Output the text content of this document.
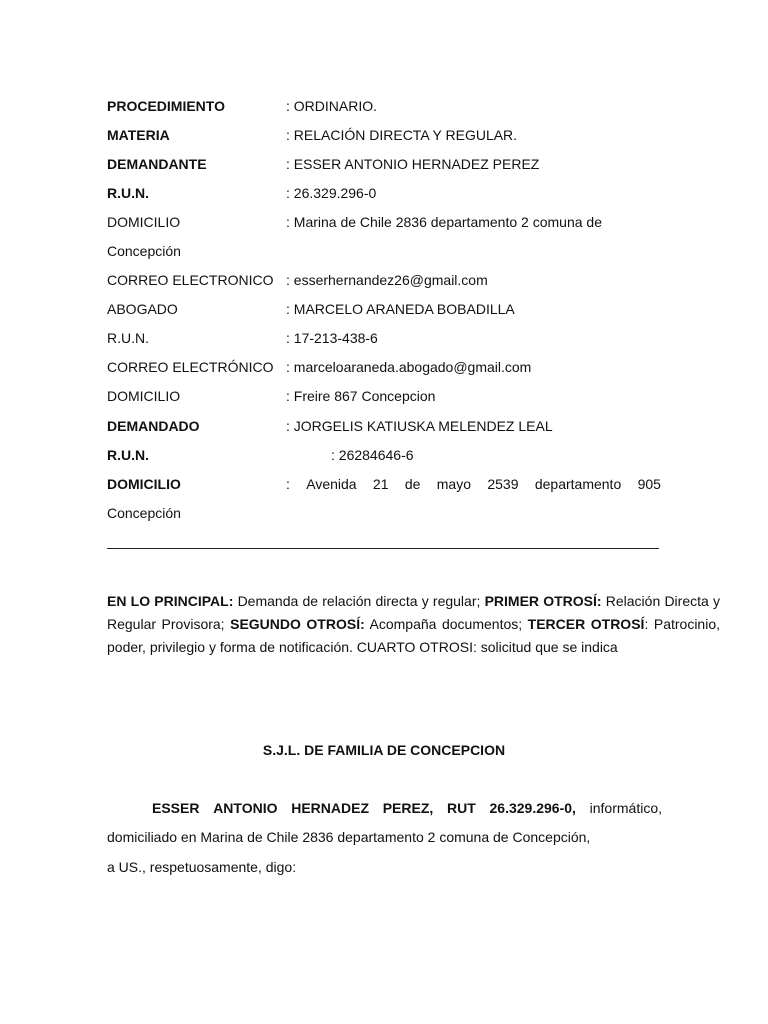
PROCEDIMIENTO	: ORDINARIO.
MATERIA	: RELACIÓN DIRECTA Y REGULAR.
DEMANDANTE	: ESSER ANTONIO HERNADEZ PEREZ
R.U.N.	: 26.329.296-0
DOMICILIO	: Marina de Chile 2836 departamento 2 comuna de
Concepción
CORREO ELECTRONICO : esserhernandez26@gmail.com
ABOGADO	: MARCELO ARANEDA BOBADILLA
R.U.N.	: 17-213-438-6
CORREO ELECTRÓNICO : marceloaraneda.abogado@gmail.com
DOMICILIO	: Freire 867 Concepcion
DEMANDADO	: JORGELIS KATIUSKA MELENDEZ LEAL
R.U.N.	: 26284646-6
DOMICILIO	: Avenida 21 de mayo 2539 departamento 905
Concepción
EN LO PRINCIPAL: Demanda de relación directa y regular; PRIMER OTROSÍ: Relación Directa y Regular Provisora; SEGUNDO OTROSÍ: Acompaña documentos; TERCER OTROSÍ: Patrocinio, poder, privilegio y forma de notificación. CUARTO OTROSI: solicitud que se indica
S.J.L. DE FAMILIA DE CONCEPCION
ESSER ANTONIO HERNADEZ PEREZ, RUT 26.329.296-0, informático,
domiciliado en Marina de Chile 2836 departamento 2 comuna de Concepción,
a US., respetuosamente, digo:
